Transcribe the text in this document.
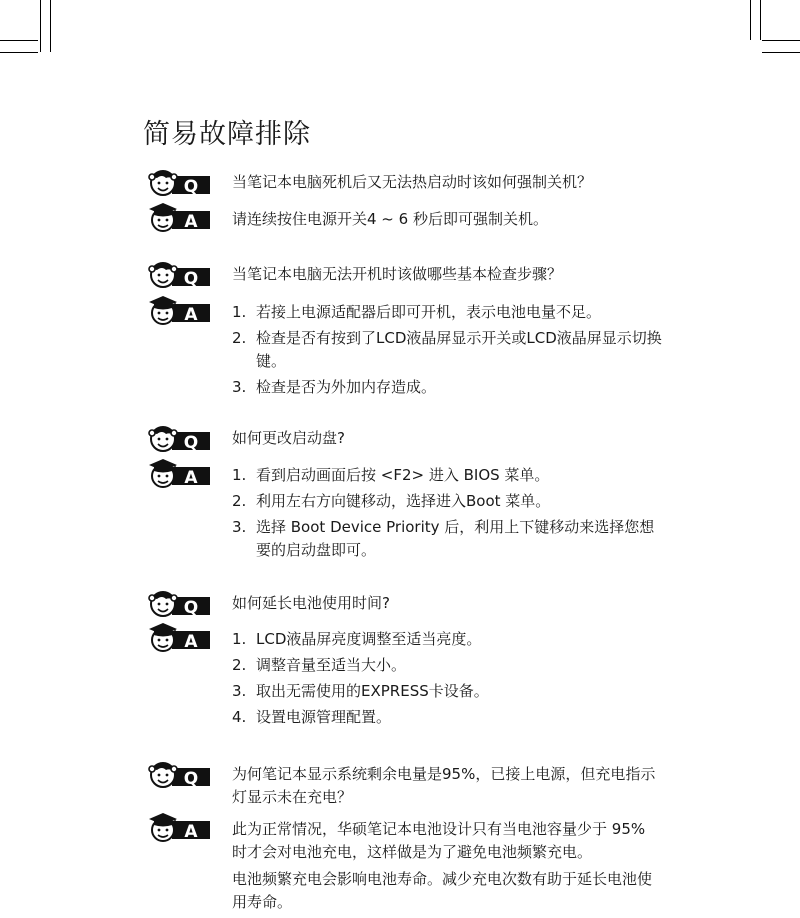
简易故障排除
Q 当笔记本电脑死机后又无法热启动时该如何强制关机？
A 请连续按住电源开关4 ~ 6 秒后即可强制关机。
Q 当笔记本电脑无法开机时该做哪些基本检查步骤？
A 1. 若接上电源适配器后即可开机，表示电池电量不足。
2. 检查是否有按到了LCD液晶屏显示开关或LCD液晶屏显示切换键。
3. 检查是否为外加内存造成。
Q 如何更改启动盘?
A 1. 看到启动画面后按 <F2> 进入 BIOS 菜单。
2. 利用左右方向键移动，选择进入Boot 菜单。
3. 选择 Boot Device Priority 后，利用上下键移动来选择您想要的启动盘即可。
Q 如何延长电池使用时间?
A 1. LCD液晶屏亮度调整至适当亮度。
2. 调整音量至适当大小。
3. 取出无需使用的EXPRESS卡设备。
4. 设置电源管理配置。
Q 为何笔记本显示系统剩余电量是95%，已接上电源，但充电指示灯显示未在充电？
A 此为正常情况，华硕笔记本电池设计只有当电池容量少于 95% 时才会对电池充电，这样做是为了避免电池频繁充电。
电池频繁充电会影响电池寿命。减少充电次数有助于延长电池使用寿命。
